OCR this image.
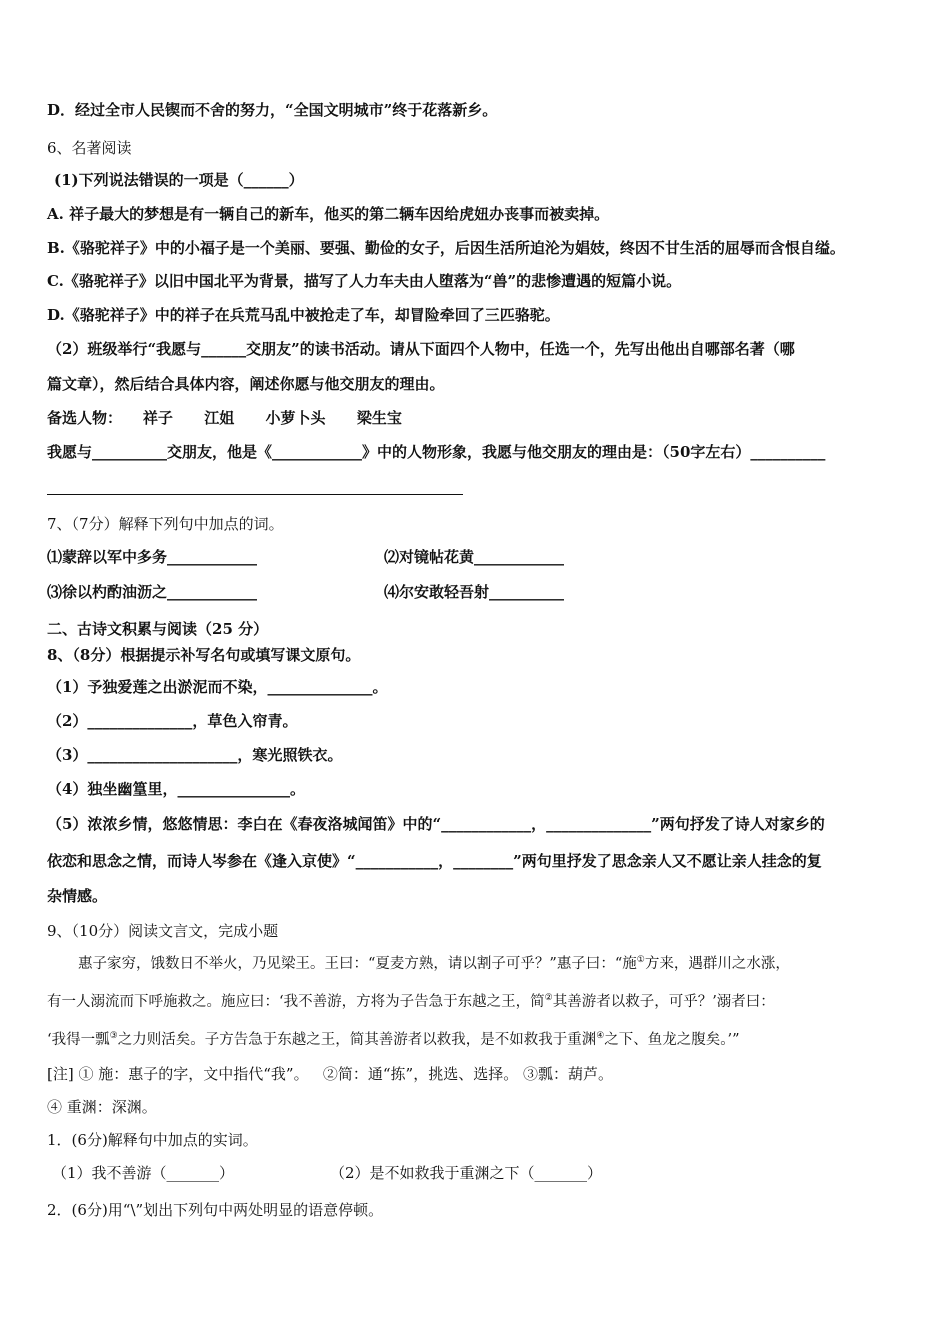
D．经过全市人民锲而不舍的努力，“全国文明城市”终于花落新乡。
6、名著阅读
(1)下列说法错误的一项是（______）
A. 祥子最大的梦想是有一辆自己的新车，他买的第二辆车因给虎妞办丧事而被卖掉。
B.《骆驼祥子》中的小福子是一个美丽、要强、勤俭的女子，后因生活所迫沦为娼妓，终因不甘生活的屈辱而含恨自缢。
C.《骆驼祥子》以旧中国北平为背景，描写了人力车夫由人堕落为“兽”的悲惨遭遇的短篇小说。
D.《骆驼祥子》中的祥子在兵荒马乱中被抢走了车，却冒险牵回了三匹骆驼。
（2）班级举行“我愿与______交朋友”的读书活动。请从下面四个人物中，任选一个，先写出他出自哪部名著（哪
篇文章），然后结合具体内容，阐述你愿与他交朋友的理由。
备选人物：    祥子      江姐      小萝卜头      梁生宝
我愿与__________交朋友，他是《____________》中的人物形象，我愿与他交朋友的理由是：（50字左右）__________
7、（7分）解释下列句中加点的词。
⑴蒙辞以军中多务____________	⑵对镜帖花黄____________
⑶徐以杓酌油沥之____________	⑷尔安敢轻吾射__________
二、古诗文积累与阅读（25 分）
8、（8分）根据提示补写名句或填写课文原句。
（1）予独爱莲之出淤泥而不染，______________。
（2）______________，草色入帘青。
（3）____________________，寒光照铁衣。
（4）独坐幽篁里，_______________。
（5）浓浓乡情，悠悠情思：李白在《春夜洛城闻笛》中的“____________，______________”两句抒发了诗人对家乡的
依恋和思念之情，而诗人岑参在《逢入京使》“___________，________”两句里抒发了思念亲人又不愿让亲人挂念的复
杂情感。
9、（10分）阅读文言文，完成小题
惠子家穷，饿数日不举火，乃见梁王。王曰：“夏麦方熟，请以割子可乎？”惠子曰：“施①方来，遇群川之水涨，
有一人溺流而下呼施救之。施应曰：‘我不善游，方将为子告急于东越之王，简②其善游者以救子，可乎？’溺者曰：
‘我得一瓢③之力则活矣。子方告急于东越之王，简其善游者以救我，是不如救我于重渊④之下、鱼龙之腹矣。’”
[注] ① 施：惠子的字，文中指代“我”。   ②简：通“拣”，挑选、选择。 ③瓢：葫芦。
④ 重渊：深渊。
1．(6分)解释句中加点的实词。
（1）我不善游（_______）	（2）是不如救我于重渊之下（_______）
2．(6分)用“\”划出下列句中两处明显的语意停顿。
